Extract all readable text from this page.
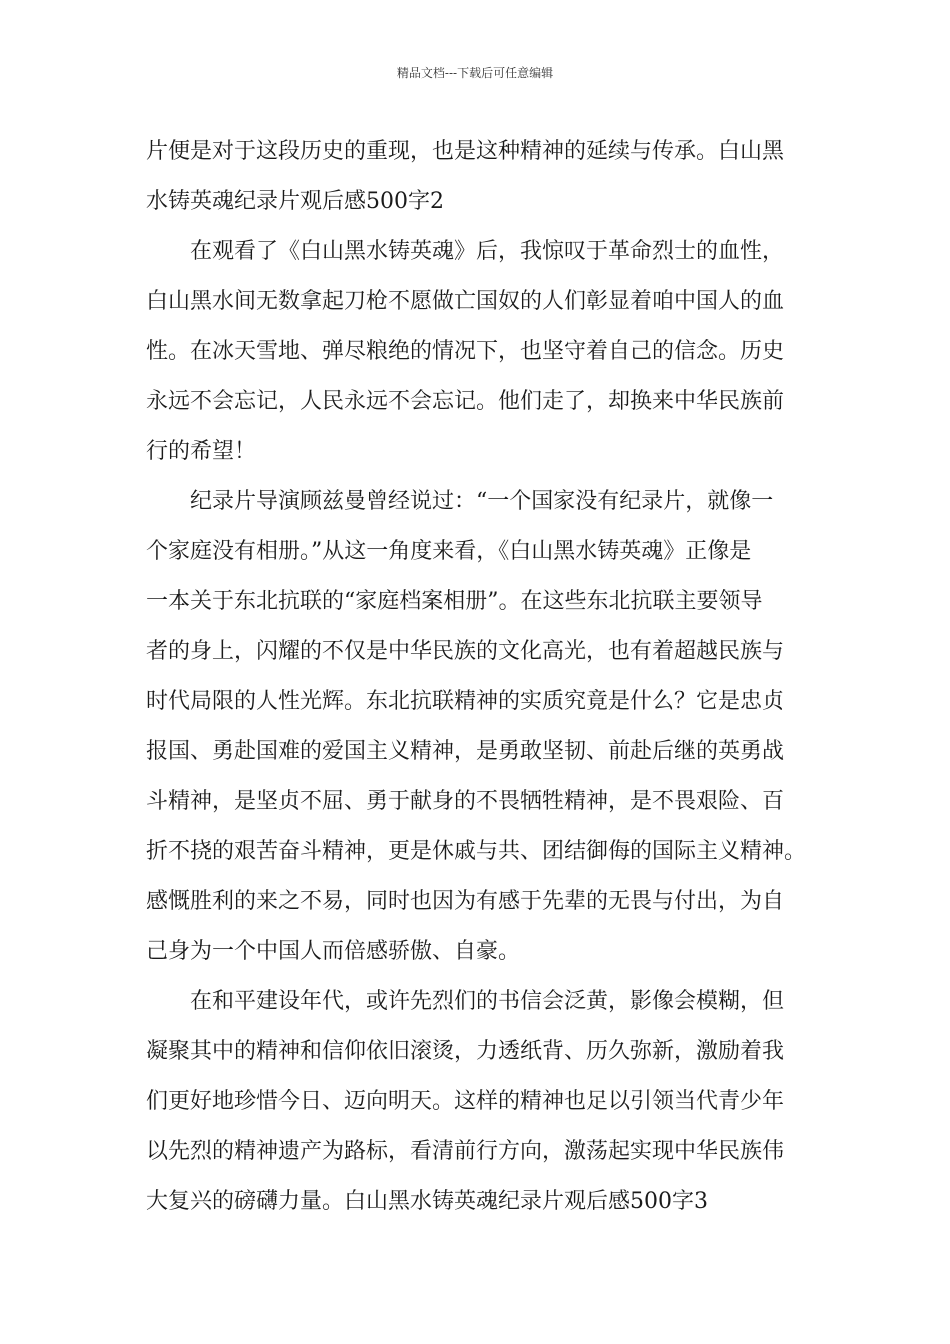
精品文档---下载后可任意编辑
片便是对于这段历史的重现，也是这种精神的延续与传承。白山黑
水铸英魂纪录片观后感500字2
在观看了《白山黑水铸英魂》后，我惊叹于革命烈士的血性，
白山黑水间无数拿起刀枪不愿做亡国奴的人们彰显着咱中国人的血
性。在冰天雪地、弹尽粮绝的情况下，也坚守着自己的信念。历史
永远不会忘记，人民永远不会忘记。他们走了，却换来中华民族前
行的希望！
纪录片导演顾兹曼曾经说过：“一个国家没有纪录片，就像一
个家庭没有相册。”从这一角度来看，《白山黑水铸英魂》正像是
一本关于东北抗联的“家庭档案相册”。在这些东北抗联主要领导
者的身上，闪耀的不仅是中华民族的文化高光，也有着超越民族与
时代局限的人性光辉。东北抗联精神的实质究竟是什么？它是忠贞
报国、勇赴国难的爱国主义精神，是勇敢坚韧、前赴后继的英勇战
斗精神，是坚贞不屈、勇于献身的不畏牺牲精神，是不畏艰险、百
折不挠的艰苦奋斗精神，更是休戚与共、团结御侮的国际主义精神。
感慨胜利的来之不易，同时也因为有感于先辈的无畏与付出，为自
己身为一个中国人而倍感骄傲、自豪。
在和平建设年代，或许先烈们的书信会泛黄，影像会模糊，但
凝聚其中的精神和信仰依旧滚烫，力透纸背、历久弥新，激励着我
们更好地珍惜今日、迈向明天。这样的精神也足以引领当代青少年
以先烈的精神遗产为路标，看清前行方向，激荡起实现中华民族伟
大复兴的磅礴力量。白山黑水铸英魂纪录片观后感500字3
